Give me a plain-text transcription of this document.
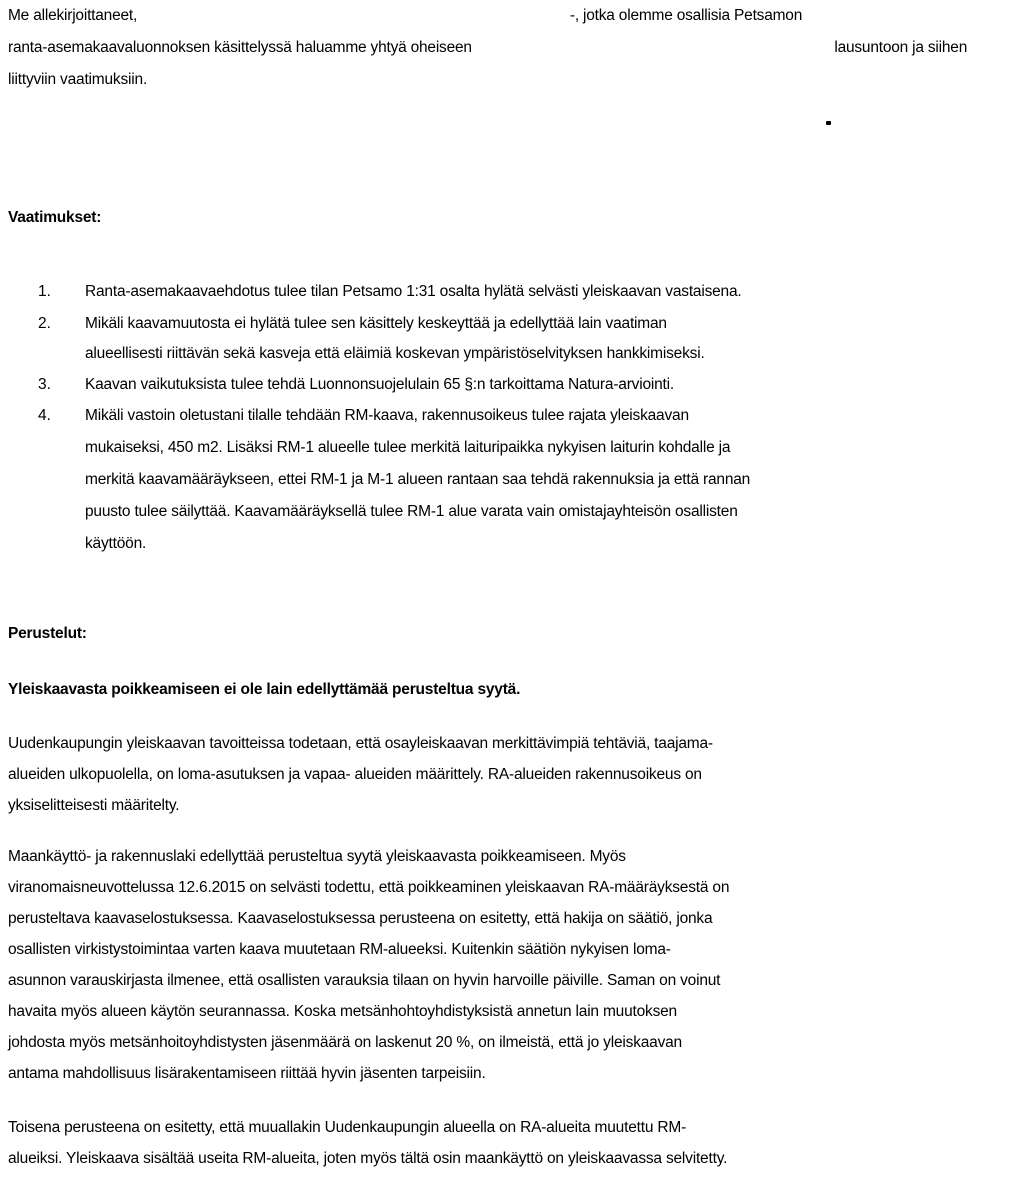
Me allekirjoittaneet,	-, jotka olemme osallisia Petsamon
ranta-asemakaavaluonnoksen käsittelyssä haluamme yhtyä oheiseen	lausuntoon ja siihen
liittyviin vaatimuksiin.
Vaatimukset:
1. Ranta-asemakaavaehdotus tulee tilan Petsamo 1:31 osalta hylätä selvästi yleiskaavan vastaisena.
2. Mikäli kaavamuutosta ei hylätä tulee sen käsittely keskeyttää ja edellyttää lain vaatiman
alueellisesti riittävän sekä kasveja että eläimiä koskevan ympäristöselvityksen hankkimiseksi.
3. Kaavan vaikutuksista tulee tehdä Luonnonsuojelulain 65 §:n tarkoittama Natura-arviointi.
4. Mikäli vastoin oletustani tilalle tehdään RM-kaava, rakennusoikeus tulee rajata yleiskaavan
mukaiseksi, 450 m2. Lisäksi RM-1 alueelle tulee merkitä laituripaikka nykyisen laiturin kohdalle ja
merkitä kaavamääräykseen, ettei RM-1 ja M-1 alueen rantaan saa tehdä rakennuksia ja että rannan
puusto tulee säilyttää. Kaavamääräyksellä tulee RM-1 alue varata vain omistajayhteisön osallisten
käyttöön.
Perustelut:
Yleiskaavasta poikkeamiseen ei ole lain edellyttämää perusteltua syytä.
Uudenkaupungin yleiskaavan tavoitteissa todetaan, että osayleiskaavan merkittävimpiä tehtäviä, taajama-
alueiden ulkopuolella, on loma-asutuksen ja vapaa- alueiden määrittely. RA-alueiden rakennusoikeus on
yksiselitteisesti määritelty.
Maankäyttö- ja rakennuslaki edellyttää perusteltua syytä yleiskaavasta poikkeamiseen. Myös
viranomaisneuvottelussa 12.6.2015 on selvästi todettu, että poikkeaminen yleiskaavan RA-määräyksestä on
perusteltava kaavaselostuksessa. Kaavaselostuksessa perusteena on esitetty, että hakija on säätiö, jonka
osallisten virkistystoimintaa varten kaava muutetaan RM-alueeksi. Kuitenkin säätiön nykyisen loma-
asunnon varauskirjasta ilmenee, että osallisten varauksia tilaan on hyvin harvoille päiville. Saman on voinut
havaita myös alueen käytön seurannassa. Koska metsänhohtoyhdistyksistä annetun lain muutoksen
johdosta myös metsänhoitoyhdistysten jäsenmäärä on laskenut 20 %, on ilmeistä, että jo yleiskaavan
antama mahdollisuus lisärakentamiseen riittää hyvin jäsenten tarpeisiin.
Toisena perusteena on esitetty, että muuallakin Uudenkaupungin alueella on RA-alueita muutettu RM-
alueiksi. Yleiskaava sisältää useita RM-alueita, joten myös tältä osin maankäyttö on yleiskaavassa selvitetty.
